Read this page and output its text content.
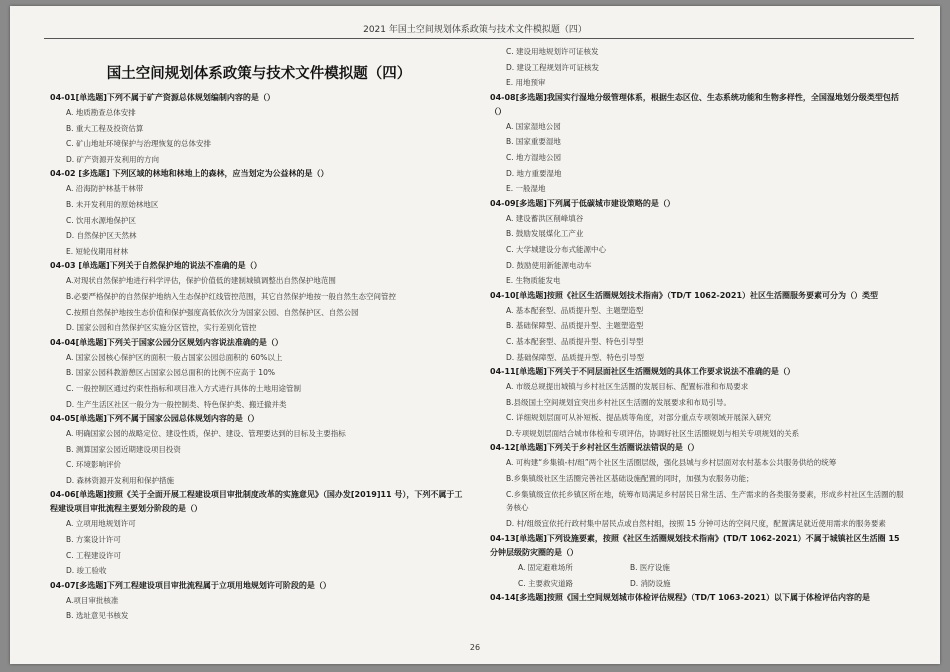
2021 年国土空间规划体系政策与技术文件模拟题（四）
国土空间规划体系政策与技术文件模拟题（四）
04-01[单选题]下列不属于矿产资源总体规划编制内容的是（）
A. 地质勘查总体安排
B. 重大工程及投资估算
C. 矿山地址环境保护与治理恢复的总体安排
D. 矿产资源开发利用的方向
04-02 [多选题] 下列区域的林地和林地上的森林，应当划定为公益林的是（）
A. 沿海防护林基干林带
B. 未开发利用的原始林地区
C. 饮用水源地保护区
D. 自然保护区天然林
E. 短轮伐期用材林
04-03 [单选题]下列关于自然保护地的说法不准确的是（）
A.对现状自然保护地进行科学评估，保护价值低的建制城镇调整出自然保护地范围
B.必要严格保护的自然保护地纳入生态保护红线管控范围，其它自然保护地按一般自然生态空间管控
C.按照自然保护地按生态价值和保护强度高低依次分为国家公园、自然保护区、自然公园
D. 国家公园和自然保护区实施分区管控，实行差别化管控
04-04[单选题]下列关于国家公园分区规划内容说法准确的是（）
A. 国家公园核心保护区的面积一般占国家公园总面积的 60%以上
B. 国家公园科教游憩区占国家公园总面积的比例不应高于 10%
C. 一般控制区通过约束性指标和项目准入方式进行具体的土地用途管制
D. 生产生活区社区一般分为一般控制类、特色保护类、搬迁撤并类
04-05[单选题]下列不属于国家公园总体规划内容的是（）
A. 明确国家公园的战略定位、建设性质，保护、建设、管理要达到的目标及主要指标
B. 测算国家公园近期建设项目投资
C. 环境影响评价
D. 森林资源开发利用和保护措施
04-06[单选题]按照《关于全面开展工程建设项目审批制度改革的实施意见》（国办发[2019]11 号），下列不属于工程建设项目审批流程主要划分阶段的是（）
A. 立项用地规划许可
B. 方案设计许可
C. 工程建设许可
D. 竣工验收
04-07[多选题]下列工程建设项目审批流程属于立项用地规划许可阶段的是（）
A.项目审批核准
B. 选址意见书核发
C. 建设用地规划许可证核发
D. 建设工程规划许可证核发
E. 用地预审
04-08[多选题]我国实行湿地分级管理体系，根据生态区位、生态系统功能和生物多样性，全国湿地划分级类型包括（）
A. 国家湿地公园
B. 国家重要湿地
C. 地方湿地公园
D. 地方重要湿地
E. 一般湿地
04-09[多选题]下列属于低碳城市建设策略的是（）
A. 建设蓄洪区削峰填谷
B. 鼓励发展煤化工产业
C. 大学城建设分布式能源中心
D. 鼓励使用新能源电动车
E. 生物质能发电
04-10[单选题]按照《社区生活圈规划技术指南》（TD/T 1062-2021）社区生活圈服务要素可分为（）类型
A. 基本配套型、品质提升型、主题塑造型
B. 基础保障型、品质提升型、主题塑造型
C. 基本配套型、品质提升型、特色引导型
D. 基础保障型、品质提升型、特色引导型
04-11[单选题]下列关于不同层面社区生活圈规划的具体工作要求说法不准确的是（）
A. 市级总规提出城镇与乡村社区生活圈的发展目标、配置标准和布局要求
B.县级国土空间规划宜突出乡村社区生活圈的发展要求和布局引导。
C. 详细规划层面可从补短板、提品质等角度，对部分重点专项领域开展深入研究
D.专项规划层面结合城市体检和专项评估，协调好社区生活圈规划与相关专项规划的关系
04-12[单选题]下列关于乡村社区生活圈说法错误的是（）
A. 可构建“乡集镇-村/组”两个社区生活圈层级，强化县城与乡村层面对农村基本公共服务供给的统筹
B.乡集镇级社区生活圈完善社区基础设施配置的同时，加强为农服务功能；
C.乡集镇级宜依托乡镇区所在地，统筹布局满足乡村居民日常生活、生产需求的各类服务要素，形成乡村社区生活圈的服务核心
D. 村/组级宜依托行政村集中居民点或自然村组，按照 15 分钟可达的空间尺度，配置满足就近使用需求的服务要素
04-13[单选题]下列设施要素，按照《社区生活圈规划技术指南》(TD/T 1062-2021）不属于城镇社区生活圈 15 分钟层级防灾圈的是（）
A. 固定避难场所	B. 医疗设施
C. 主要救灾道路	D. 消防设施
04-14[多选题]按照《国土空间规划城市体检评估规程》（TD/T 1063-2021）以下属于体检评估内容的是
26
